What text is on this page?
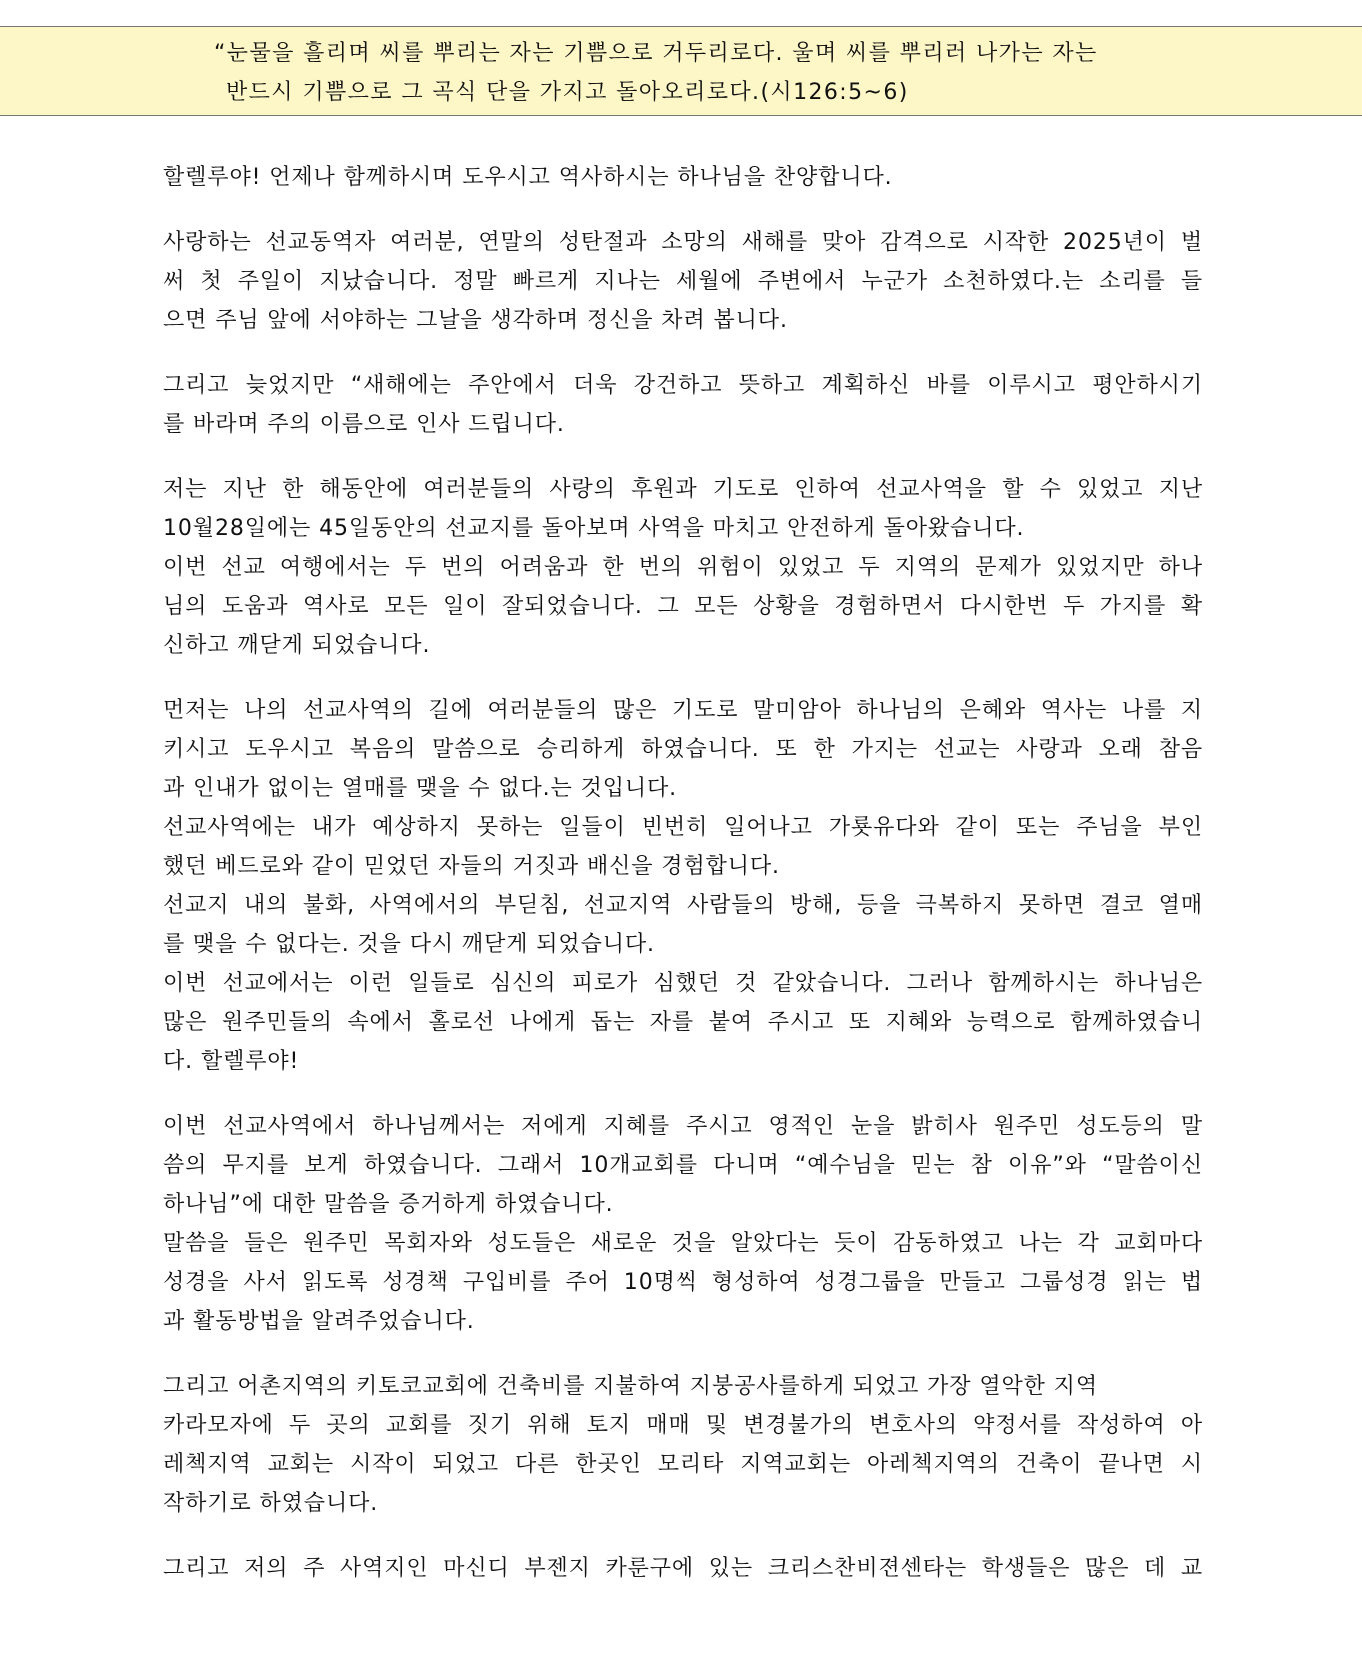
“눈물을 흘리며 씨를 뿌리는 자는 기쁨으로 거두리로다. 울며 씨를 뿌리러 나가는 자는
반드시 기쁨으로 그 곡식 단을 가지고 돌아오리로다.(시126:5~6)
할렐루야! 언제나 함께하시며 도우시고 역사하시는 하나님을 찬양합니다.
사랑하는 선교동역자 여러분, 연말의 성탄절과 소망의 새해를 맞아 감격으로 시작한 2025년이 벌
써 첫 주일이 지났습니다. 정말 빠르게 지나는 세월에 주변에서 누군가 소천하였다.는 소리를 들
으면 주님 앞에 서야하는 그날을 생각하며 정신을 차려 봅니다.
그리고 늦었지만 “새해에는 주안에서 더욱 강건하고 뜻하고 계획하신 바를 이루시고 평안하시기
를 바라며 주의 이름으로 인사 드립니다.
저는 지난 한 해동안에 여러분들의 사랑의 후원과 기도로 인하여 선교사역을 할 수 있었고 지난
10월28일에는 45일동안의 선교지를 돌아보며 사역을 마치고 안전하게 돌아왔습니다.
이번 선교 여행에서는 두 번의 어려움과 한 번의 위험이 있었고 두 지역의 문제가 있었지만 하나
님의 도움과 역사로 모든 일이 잘되었습니다. 그 모든 상황을 경험하면서 다시한번 두 가지를 확
신하고 깨닫게 되었습니다.
먼저는 나의 선교사역의 길에 여러분들의 많은 기도로 말미암아 하나님의 은혜와 역사는 나를 지
키시고 도우시고 복음의 말씀으로 승리하게 하였습니다. 또 한 가지는 선교는 사랑과 오래 참음
과 인내가 없이는 열매를 맺을 수 없다.는 것입니다.
선교사역에는 내가 예상하지 못하는 일들이 빈번히 일어나고 가룟유다와 같이 또는 주님을 부인
했던 베드로와 같이 믿었던 자들의 거짓과 배신을 경험합니다.
선교지 내의 불화, 사역에서의 부딛침, 선교지역 사람들의 방해, 등을 극복하지 못하면 결코 열매
를 맺을 수 없다는. 것을 다시 깨닫게 되었습니다.
이번 선교에서는 이런 일들로 심신의 피로가 심했던 것 같았습니다. 그러나 함께하시는 하나님은
많은 원주민들의 속에서 홀로선 나에게 돕는 자를 붙여 주시고 또 지혜와 능력으로 함께하였습니
다. 할렐루야!
이번 선교사역에서 하나님께서는 저에게 지혜를 주시고 영적인 눈을 밝히사 원주민 성도등의 말
씀의 무지를 보게 하였습니다. 그래서 10개교회를 다니며 “예수님을 믿는 참 이유”와 “말씀이신
하나님”에 대한 말씀을 증거하게 하였습니다.
말씀을 들은 원주민 목회자와 성도들은 새로운 것을 알았다는 듯이 감동하였고 나는 각 교회마다
성경을 사서 읽도록 성경책 구입비를 주어 10명씩 형성하여 성경그룹을 만들고 그룹성경 읽는 법
과 활동방법을 알려주었습니다.
그리고 어촌지역의 키토코교회에 건축비를 지불하여 지붕공사를하게 되었고 가장 열악한 지역
카라모자에 두 곳의 교회를 짓기 위해 토지 매매 및 변경불가의 변호사의 약정서를 작성하여 아
레첵지역 교회는 시작이 되었고 다른 한곳인 모리타 지역교회는 아레첵지역의 건축이 끝나면 시
작하기로 하였습니다.
그리고 저의 주 사역지인 마신디 부젠지 카룬구에 있는 크리스찬비젼센타는 학생들은 많은 데 교
